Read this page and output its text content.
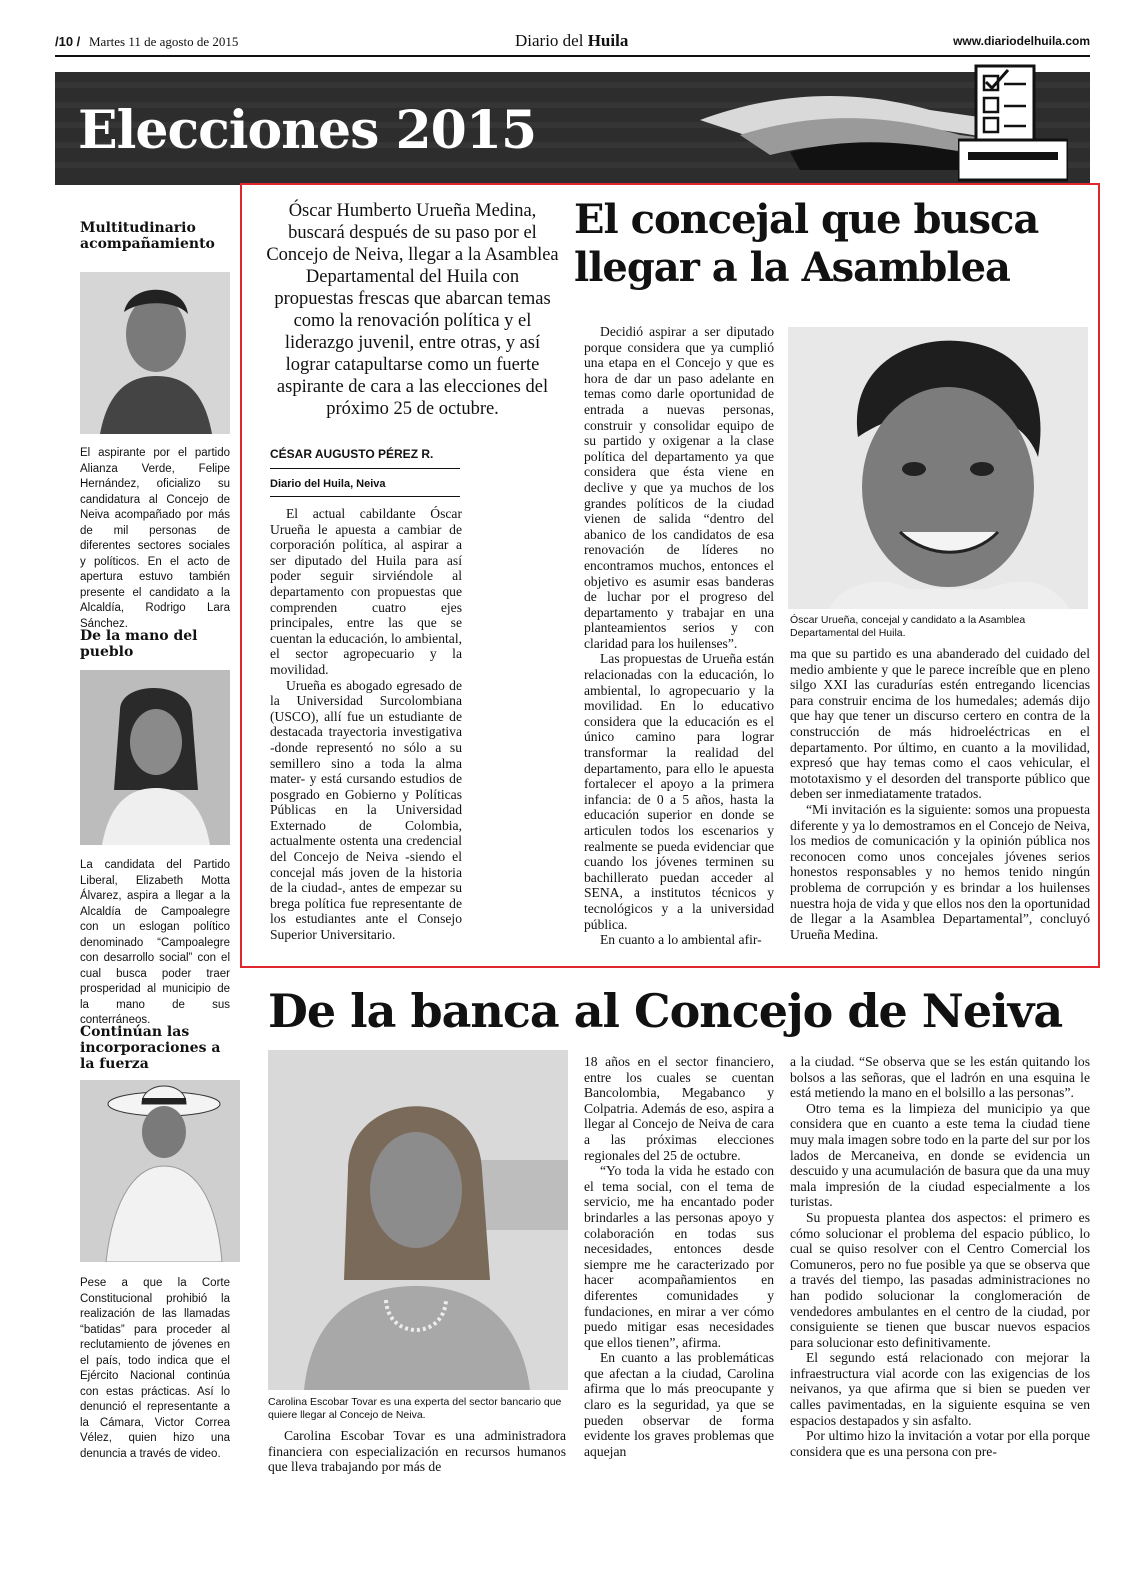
/10 / Martes 11 de agosto de 2015	Diario del Huila	www.diariodelhuila.com
Elecciones 2015
Multitudinario acompañamiento
El aspirante por el partido Alianza Verde, Felipe Hernández, oficializo su candidatura al Concejo de Neiva acompañado por más de mil personas de diferentes sectores sociales y políticos. En el acto de apertura estuvo también presente el candidato a la Alcaldía, Rodrigo Lara Sánchez.
De la mano del pueblo
La candidata del Partido Liberal, Elizabeth Motta Álvarez, aspira a llegar a la Alcaldía de Campoalegre con un eslogan político denominado “Campoalegre con desarrollo social” con el cual busca poder traer prosperidad al municipio de la mano de sus conterráneos.
Continúan las incorporaciones a la fuerza
Pese a que la Corte Constitucional prohibió la realización de las llamadas “batidas” para proceder al reclutamiento de jóvenes en el país, todo indica que el Ejército Nacional continúa con estas prácticas. Así lo denunció el representante a la Cámara, Victor Correa Vélez, quien hizo una denuncia a través de video.
Óscar Humberto Urueña Medina, buscará después de su paso por el Concejo de Neiva, llegar a la Asamblea Departamental del Huila con propuestas frescas que abarcan temas como la renovación política y el liderazgo juvenil, entre otras, y así lograr catapultarse como un fuerte aspirante de cara a las elecciones del próximo 25 de octubre.
El concejal que busca llegar a la Asamblea
CÉSAR AUGUSTO PÉREZ R.
Diario del Huila, Neiva

El actual cabildante Óscar Urueña le apuesta a cambiar de corporación política, al aspirar a ser diputado del Huila para así poder seguir sirviéndole al departamento con propuestas que comprenden cuatro ejes principales, entre las que se cuentan la educación, lo ambiental, el sector agropecuario y la movilidad.

Urueña es abogado egresado de la Universidad Surcolombiana (USCO), allí fue un estudiante de destacada trayectoria investigativa -donde representó no sólo a su semillero sino a toda la alma mater- y está cursando estudios de posgrado en Gobierno y Políticas Públicas en la Universidad Externado de Colombia, actualmente ostenta una credencial del Concejo de Neiva -siendo el concejal más joven de la historia de la ciudad-, antes de empezar su brega política fue representante de los estudiantes ante el Consejo Superior Universitario.

Decidió aspirar a ser diputado porque considera que ya cumplió una etapa en el Concejo y que es hora de dar un paso adelante en temas como darle oportunidad de entrada a nuevas personas, construir y consolidar equipo de su partido y oxigenar a la clase política del departamento ya que considera que ésta viene en declive y que ya muchos de los grandes políticos de la ciudad vienen de salida “dentro del abanico de los candidatos de esa renovación de líderes no encontramos muchos, entonces el objetivo es asumir esas banderas de luchar por el progreso del departamento y trabajar en una planteamientos serios y con claridad para los huilenses”.

Las propuestas de Urueña están relacionadas con la educación, lo ambiental, lo agropecuario y la movilidad. En lo educativo considera que la educación es el único camino para lograr transformar la realidad del departamento, para ello le apuesta fortalecer el apoyo a la primera infancia: de 0 a 5 años, hasta la educación superior en donde se articulen todos los escenarios y realmente se pueda evidenciar que cuando los jóvenes terminen su bachillerato puedan acceder al SENA, a institutos técnicos y tecnológicos y a la universidad pública.

En cuanto a lo ambiental afir-

Óscar Urueña, concejal y candidato a la Asamblea Departamental del Huila.

ma que su partido es una abanderado del cuidado del medio ambiente y que le parece increíble que en pleno silgo XXI las curadurías estén entregando licencias para construir encima de los humedales; además dijo que hay que tener un discurso certero en contra de la construcción de más hidroeléctricas en el departamento. Por último, en cuanto a la movilidad, expresó que hay temas como el caos vehicular, el mototaxismo y el desorden del transporte público que deben ser inmediatamente tratados.

“Mi invitación es la siguiente: somos una propuesta diferente y ya lo demostramos en el Concejo de Neiva, los medios de comunicación y la opinión pública nos reconocen como unos concejales jóvenes serios honestos responsables y no hemos tenido ningún problema de corrupción y es brindar a los huilenses nuestra hoja de vida y que ellos nos den la oportunidad de llegar a la Asamblea Departamental”, concluyó Urueña Medina.

De la banca al Concejo de Neiva
Carolina Escobar Tovar es una experta del sector bancario que quiere llegar al Concejo de Neiva.

Carolina Escobar Tovar es una administradora financiera con especialización en recursos humanos que lleva trabajando por más de

18 años en el sector financiero, entre los cuales se cuentan Bancolombia, Megabanco y Colpatria. Además de eso, aspira a llegar al Concejo de Neiva de cara a las próximas elecciones regionales del 25 de octubre.

“Yo toda la vida he estado con el tema social, con el tema de servicio, me ha encantado poder brindarles a las personas apoyo y colaboración en todas sus necesidades, entonces desde siempre me he caracterizado por hacer acompañamientos en diferentes comunidades y fundaciones, en mirar a ver cómo puedo mitigar esas necesidades que ellos tienen”, afirma.

En cuanto a las problemáticas que afectan a la ciudad, Carolina afirma que lo más preocupante y claro es la seguridad, ya que se pueden observar de forma evidente los graves problemas que aquejan

a la ciudad. “Se observa que se les están quitando los bolsos a las señoras, que el ladrón en una esquina le está metiendo la mano en el bolsillo a las personas”.

Otro tema es la limpieza del municipio ya que considera que en cuanto a este tema la ciudad tiene muy mala imagen sobre todo en la parte del sur por los lados de Mercaneiva, en donde se evidencia un descuido y una acumulación de basura que da una muy mala impresión de la ciudad especialmente a los turistas.

Su propuesta plantea dos aspectos: el primero es cómo solucionar el problema del espacio público, lo cual se quiso resolver con el Centro Comercial los Comuneros, pero no fue posible ya que se observa que a través del tiempo, las pasadas administraciones no han podido solucionar la conglomeración de vendedores ambulantes en el centro de la ciudad, por consiguiente se tienen que buscar nuevos espacios para solucionar esto definitivamente.

El segundo está relacionado con mejorar la infraestructura vial acorde con las exigencias de los neivanos, ya que afirma que si bien se pueden ver calles pavimentadas, en la siguiente esquina se ven espacios destapados y sin asfalto.

Por ultimo hizo la invitación a votar por ella porque considera que es una persona con pre-
